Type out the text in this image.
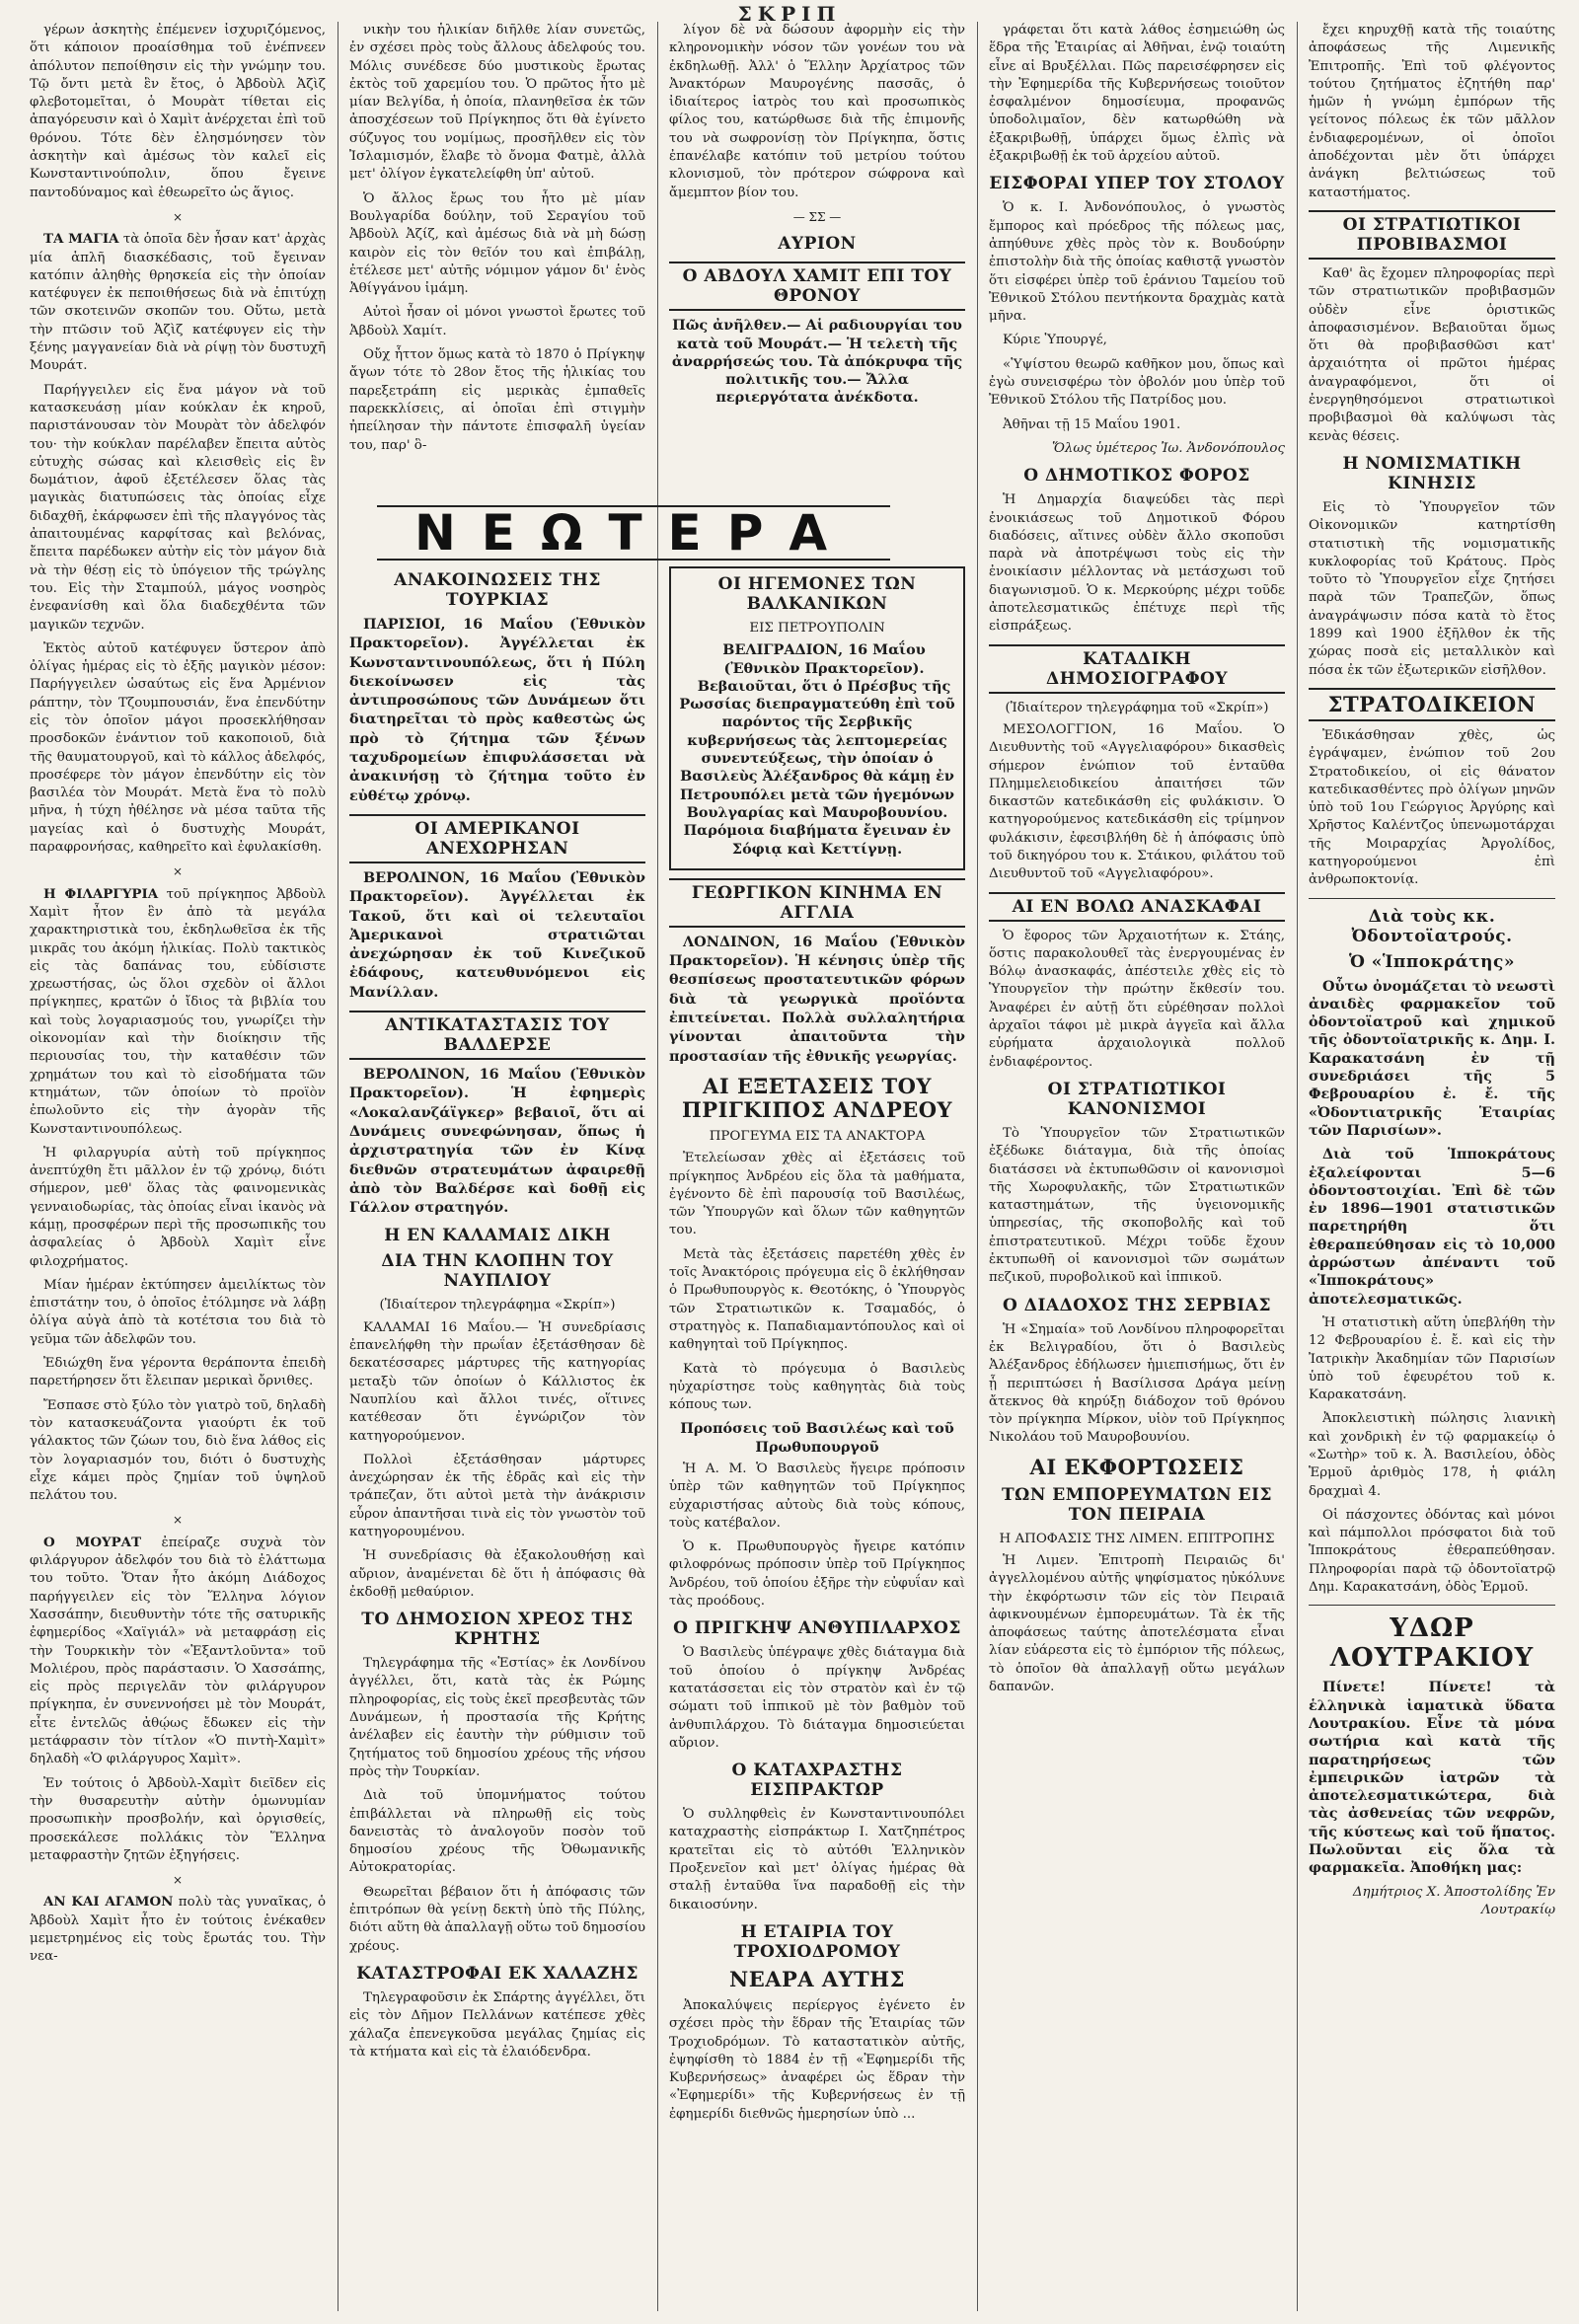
ΣΚΡΙΠ

γέρων ἀσκητὴς ἐπέμενεν ἰσχυριζόμενος, ὅτι κάποιον προαίσθημα τοῦ ἐνέπνεεν ἀπόλυτον πεποίθησιν εἰς τὴν γνώμην του. Τῷ ὄντι μετὰ ἓν ἔτος, ὁ Ἀβδοὺλ Ἀζὶζ φλεβοτομεῖται, ὁ Μουρὰτ τίθεται εἰς ἀπαγόρευσιν καὶ ὁ Χαμὶτ ἀνέρχεται ἐπὶ τοῦ θρόνου. Τότε δὲν ἐλησμόνησεν τὸν ἀσκητὴν καὶ ἀμέσως τὸν καλεῖ εἰς Κωνσταντινούπολιν, ὅπου ἔγεινε παντοδύναμος καὶ ἐθεωρεῖτο ὡς ἅγιος.

×

ΤΑ ΜΑΓΙΑ τὰ ὁποῖα δὲν ἦσαν κατ' ἀρχὰς μία ἁπλῆ διασκέδασις, τοῦ ἔγειναν κατόπιν ἀληθὴς θρησκεία εἰς τὴν ὁποίαν κατέφυγεν ἐκ πεποιθήσεως διὰ νὰ ἐπιτύχῃ τῶν σκοτεινῶν σκοπῶν του. Οὕτω, μετὰ τὴν πτῶσιν τοῦ Ἀζὶζ κατέφυγεν εἰς τὴν ξένης μαγγανείαν διὰ νὰ ρίψῃ τὸν δυστυχῆ Μουράτ.

Παρήγγειλεν εἰς ἕνα μάγον νὰ τοῦ κατασκευάσῃ μίαν κούκλαν ἐκ κηροῦ, παριστάνουσαν τὸν Μουρὰτ τὸν ἀδελφόν του· τὴν κούκλαν παρέλαβεν ἔπειτα αὐτὸς εὐτυχὴς σώσας καὶ κλεισθεὶς εἰς ἓν δωμάτιον, ἀφοῦ ἐξετέλεσεν ὅλας τὰς μαγικὰς διατυπώσεις τὰς ὁποίας εἶχε διδαχθῆ, ἐκάρφωσεν ἐπὶ τῆς πλαγγόνος τὰς ἀπαιτουμένας καρφίτσας καὶ βελόνας, ἔπειτα παρέδωκεν αὐτὴν εἰς τὸν μάγον διὰ νὰ τὴν θέσῃ εἰς τὸ ὑπόγειον τῆς τρώγλης του. Εἰς τὴν Σταμπούλ, μάγος νοσηρὸς ἐνεφανίσθη καὶ ὅλα διαδεχθέντα τῶν μαγικῶν τεχνῶν.

Ἐκτὸς αὐτοῦ κατέφυγεν ὕστερον ἀπὸ ὀλίγας ἡμέρας εἰς τὸ ἐξῆς μαγικὸν μέσον: Παρήγγειλεν ὡσαύτως εἰς ἕνα Ἀρμένιον ράπτην, τὸν Τζουμπουσιάν, ἕνα ἐπενδύτην εἰς τὸν ὁποῖον μάγοι προσεκλήθησαν προσδοκῶν ἐνάντιον τοῦ κακοποιοῦ, διὰ τῆς θαυματουργοῦ, καὶ τὸ κάλλος ἀδελφός, προσέφερε τὸν μάγον ἐπενδύτην εἰς τὸν βασιλέα τὸν Μουράτ. Μετὰ ἕνα τὸ πολὺ μῆνα, ἡ τύχη ἠθέλησε νὰ μέσα ταῦτα τῆς μαγείας καὶ ὁ δυστυχὴς Μουράτ, παραφρονήσας, καθηρεῖτο καὶ ἐφυλακίσθη.

×

Η ΦΙΛΑΡΓΥΡΙΑ τοῦ πρίγκηπος Ἀβδοὺλ Χαμὶτ ἦτον ἓν ἀπὸ τὰ μεγάλα χαρακτηριστικὰ του, ἐκδηλωθεῖσα ἐκ τῆς μικρᾶς του ἀκόμη ἡλικίας. Πολὺ τακτικὸς εἰς τὰς δαπάνας του, εὑδίσιστε χρεωστήσας, ὡς ὅλοι σχεδὸν οἱ ἄλλοι πρίγκηπες, κρατῶν ὁ ἴδιος τὰ βιβλία του καὶ τοὺς λογαριασμούς του, γνωρίζει τὴν οἰκονομίαν καὶ τὴν διοίκησιν τῆς περιουσίας του, τὴν καταθέσιν τῶν χρημάτων του καὶ τὸ εἰσοδήματα τῶν κτημάτων, τῶν ὁποίων τὸ προϊὸν ἐπωλοῦντο εἰς τὴν ἀγορὰν τῆς Κωνσταντινουπόλεως.

Ἡ φιλαργυρία αὐτὴ τοῦ πρίγκηπος ἀνεπτύχθη ἔτι μᾶλλον ἐν τῷ χρόνῳ, διότι σήμερον, μεθ' ὅλας τὰς φαινομενικὰς γενναιοδωρίας, τὰς ὁποίας εἶναι ἱκανὸς νὰ κάμῃ, προσφέρων περὶ τῆς προσωπικῆς του ἀσφαλείας ὁ Ἀβδοὺλ Χαμὶτ εἶνε φιλοχρήματος.

Μίαν ἡμέραν ἐκτύπησεν ἀμειλίκτως τὸν ἐπιστάτην του, ὁ ὁποῖος ἐτόλμησε νὰ λάβῃ ὀλίγα αὐγὰ ἀπὸ τὰ κοτέτσια του διὰ τὸ γεῦμα τῶν ἀδελφῶν του.

Ἐδιώχθη ἕνα γέροντα θεράποντα ἐπειδὴ παρετήρησεν ὅτι ἔλειπαν μερικαὶ ὄρνιθες.

Ἔσπασε στὸ ξύλο τὸν γιατρὸ τοῦ, δηλαδὴ τὸν κατασκευάζοντα γιαούρτι ἐκ τοῦ γάλακτος τῶν ζώων του, διὸ ἕνα λάθος εἰς τὸν λογαριασμόν του, διότι ὁ δυστυχὴς εἶχε κάμει πρὸς ζημίαν τοῦ ὑψηλοῦ πελάτου του.

×

Ο ΜΟΥΡΑΤ ἐπείραζε συχνὰ τὸν φιλάργυρον ἀδελφόν του διὰ τὸ ἐλάττωμα του τοῦτο. Ὅταν ἦτο ἀκόμη Διάδοχος παρήγγειλεν εἰς τὸν Ἕλληνα λόγιον Χασσάπην, διευθυντὴν τότε τῆς σατυρικῆς ἐφημερίδος «Χαϊγιάλ» νὰ μεταφράσῃ εἰς τὴν Τουρκικὴν τὸν «Ἐξαντλοῦντα» τοῦ Μολιέρου, πρὸς παράστασιν. Ὁ Χασσάπης, εἰς πρὸς περιγελᾶν τὸν φιλάργυρον πρίγκηπα, ἐν συνεννοήσει μὲ τὸν Μουράτ, εἶτε ἐντελῶς ἀθῴως ἔδωκεν εἰς τὴν μετάφρασιν τὸν τίτλον «Ὁ πιντὴ-Χαμὶτ» δηλαδὴ «Ὁ φιλάργυρος Χαμὶτ».

Ἐν τούτοις ὁ Ἀβδοὺλ-Χαμὶτ διεῖδεν εἰς τὴν θυσαρευτὴν αὐτὴν ὁμωνυμίαν προσωπικὴν προσβολήν, καὶ ὀργισθείς, προσεκάλεσε πολλάκις τὸν Ἕλληνα μεταφραστὴν ζητῶν ἐξηγήσεις.

×

ΑΝ ΚΑΙ ΑΓΑΜΟΝ πολὺ τὰς γυναῖκας, ὁ Ἀβδοὺλ Χαμὶτ ἦτο ἐν τούτοις ἐνέκαθεν μεμετρημένος εἰς τοὺς ἔρωτάς του. Τὴν νεα-

νικὴν του ἡλικίαν διῆλθε λίαν συνετῶς, ἐν σχέσει πρὸς τοὺς ἄλλους ἀδελφούς του. Μόλις συνέδεσε δύο μυστικοὺς ἔρωτας ἐκτὸς τοῦ χαρεμίου του. Ὁ πρῶτος ἦτο μὲ μίαν Βελγίδα, ἡ ὁποία, πλανηθεῖσα ἐκ τῶν ἀποσχέσεων τοῦ Πρίγκηπος ὅτι θὰ ἐγίνετο σύζυγος του νομίμως, προσῆλθεν εἰς τὸν Ἰσλαμισμόν, ἔλαβε τὸ ὄνομα Φατμὲ, ἀλλὰ μετ' ὀλίγον ἐγκατελείφθη ὑπ' αὐτοῦ.

Ὁ ἄλλος ἔρως του ἦτο μὲ μίαν Βουλγαρίδα δούλην, τοῦ Σεραγίου τοῦ Ἀβδοὺλ Ἀζίζ, καὶ ἀμέσως διὰ νὰ μὴ δώσῃ καιρὸν εἰς τὸν θεῖόν του καὶ ἐπιβάλῃ, ἐτέλεσε μετ' αὐτῆς νόμιμον γάμον δι' ἑνὸς Ἀθίγγάνου ἰμάμη.

Αὐτοὶ ἦσαν οἱ μόνοι γνωστοὶ ἔρωτες τοῦ Ἀβδοὺλ Χαμίτ.

Οὔχ ἧττον ὅμως κατὰ τὸ 1870 ὁ Πρίγκηψ ἄγων τότε τὸ 28ον ἔτος τῆς ἡλικίας του παρεξετράπη εἰς μερικὰς ἐμπαθεῖς παρεκκλίσεις, αἱ ὁποῖαι ἐπὶ στιγμὴν ἠπείλησαν τὴν πάντοτε ἐπισφαλῆ ὑγείαν του, παρ' ὃ-

ΑΝΑΚΟΙΝΩΣΕΙΣ ΤΗΣ ΤΟΥΡΚΙΑΣ

ΠΑΡΙΣΙΟΙ, 16 Μαΐου (Ἐθνικὸν Πρακτορεῖον). Ἀγγέλλεται ἐκ Κωνσταντινουπόλεως, ὅτι ἡ Πύλη διεκοίνωσεν εἰς τὰς ἀντιπροσώπους τῶν Δυνάμεων ὅτι διατηρεῖται τὸ πρὸς καθεστὼς ὡς πρὸ τὸ ζήτημα τῶν ξένων ταχυδρομείων ἐπιφυλάσσεται νὰ ἀνακινήσῃ τὸ ζήτημα τοῦτο ἐν εὐθέτῳ χρόνῳ.

ΟΙ ΑΜΕΡΙΚΑΝΟΙ ΑΝΕΧΩΡΗΣΑΝ

ΒΕΡΟΛΙΝΟΝ, 16 Μαΐου (Ἐθνικὸν Πρακτορεῖον). Ἀγγέλλεται ἐκ Τακοῦ, ὅτι καὶ οἱ τελευταῖοι Ἀμερικανοὶ στρατιῶται ἀνεχώρησαν ἐκ τοῦ Κινεζικοῦ ἐδάφους, κατευθυνόμενοι εἰς Μανίλλαν.

ΑΝΤΙΚΑΤΑΣΤΑΣΙΣ ΤΟΥ ΒΑΛΔΕΡΣΕ

ΒΕΡΟΛΙΝΟΝ, 16 Μαΐου (Ἐθνικὸν Πρακτορεῖον).	Ἡ ἐφημερὶς «Λοκαλανζάϊγκερ» βεβαιοῖ, ὅτι αἱ Δυνάμεις συνεφώνησαν, ὅπως ἡ ἀρχιστρατηγία τῶν ἐν Κίνᾳ διεθνῶν στρατευμάτων ἀφαιρεθῇ ἀπὸ τὸν Βαλδέρσε καὶ δοθῇ εἰς Γάλλον στρατηγόν.

Η ΕΝ ΚΑΛΑΜΑΙΣ ΔΙΚΗ
ΔΙΑ ΤΗΝ ΚΛΟΠΗΝ ΤΟΥ ΝΑΥΠΛΙΟΥ
(Ἰδιαίτερον τηλεγράφημα «Σκρίπ»)

ΚΑΛΑΜΑΙ 16 Μαΐου.— Ἡ συνεδρίασις ἐπανελήφθη τὴν πρωΐαν ἐξετάσθησαν δὲ δεκατέσσαρες μάρτυρες τῆς κατηγορίας μεταξὺ τῶν ὁποίων ὁ Κάλλιστος ἐκ Ναυπλίου καὶ ἄλλοι τινές, οἵτινες κατέθεσαν ὅτι ἐγνώριζον τὸν κατηγορούμενον.

Πολλοὶ ἐξετάσθησαν μάρτυρες ἀνεχώρησαν ἐκ τῆς ἑδρᾶς καὶ εἰς τὴν τράπεζαν, ὅτι αὐτοὶ μετὰ τὴν ἀνάκρισιν εὗρον ἀπαντῆσαι τινὰ εἰς τὸν γνωστὸν τοῦ κατηγορουμένου.

Ἡ συνεδρίασις θὰ ἐξακολουθήσῃ καὶ αὔριον, ἀναμένεται δὲ ὅτι ἡ ἀπόφασις θὰ ἐκδοθῇ μεθαύριον.

ΤΟ ΔΗΜΟΣΙΟΝ ΧΡΕΟΣ ΤΗΣ ΚΡΗΤΗΣ

Τηλεγράφημα τῆς «Ἑστίας» ἐκ Λονδίνου ἀγγέλλει, ὅτι, κατὰ τὰς ἐκ Ρώμης πληροφορίας, εἰς τοὺς ἐκεῖ πρεσβευτὰς τῶν Δυνάμεων, ἡ προστασία τῆς Κρήτης ἀνέλαβεν εἰς ἑαυτὴν τὴν ρύθμισιν τοῦ ζητήματος τοῦ δημοσίου χρέους τῆς νήσου πρὸς τὴν Τουρκίαν.

Διὰ τοῦ ὑπομνήματος τούτου ἐπιβάλλεται νὰ πληρωθῇ εἰς τοὺς δανειστὰς τὸ ἀναλογοῦν ποσὸν τοῦ δημοσίου χρέους τῆς Ὀθωμανικῆς Αὐτοκρατορίας.

Θεωρεῖται βέβαιον ὅτι ἡ ἀπόφασις τῶν ἐπιτρόπων θὰ γείνῃ δεκτὴ ὑπὸ τῆς Πύλης, διότι αὕτη θὰ ἀπαλλαγῇ οὕτω τοῦ δημοσίου χρέους.

ΚΑΤΑΣΤΡΟΦΑΙ ΕΚ ΧΑΛΑΖΗΣ

Τηλεγραφοῦσιν ἐκ Σπάρτης ἀγγέλλει, ὅτι εἰς τὸν Δῆμον Πελλάνων κατέπεσε χθὲς χάλαζα ἐπενεγκοῦσα μεγάλας ζημίας εἰς τὰ κτήματα καὶ εἰς τὰ ἐλαιόδενδρα.

λίγον δὲ νὰ δώσουν ἀφορμὴν εἰς τὴν κληρονομικὴν νόσον τῶν γονέων του νὰ ἐκδηλωθῇ. Ἀλλ' ὁ Ἕλλην Ἀρχίατρος τῶν Ἀνακτόρων Μαυρογένης πασσᾶς, ὁ ἰδιαίτερος ἰατρὸς του καὶ προσωπικὸς φίλος του, κατώρθωσε διὰ τῆς ἐπιμονῆς του νὰ σωφρονίσῃ τὸν Πρίγκηπα, ὅστις ἐπανέλαβε κατόπιν τοῦ μετρίου τούτου κλονισμοῦ, τὸν πρότερον σώφρονα καὶ ἄμεμπτον βίον του.

— ΣΣ —
ΑΥΡΙΟΝ
Ο ΑΒΔΟΥΛ ΧΑΜΙΤ ΕΠΙ ΤΟΥ ΘΡΟΝΟΥ

Πῶς ἀνῆλθεν.— Αἱ ραδιουργίαι του κατὰ τοῦ Μουράτ.— Ἡ τελετὴ τῆς ἀναρρήσεώς του. Τὰ ἀπόκρυφα τῆς πολιτικῆς του.— Ἄλλα περιεργότατα ἀνέκδοτα.

ΟΙ ΗΓΕΜΟΝΕΣ ΤΩΝ ΒΑΛΚΑΝΙΚΩΝ
ΕΙΣ ΠΕΤΡΟΥΠΟΛΙΝ

ΒΕΛΙΓΡΑΔΙΟΝ, 16 Μαΐου
(Ἐθνικὸν Πρακτορεῖον).
Βεβαιοῦται, ὅτι ὁ Πρέσβυς τῆς Ρωσσίας διεπραγματεύθη ἐπὶ τοῦ παρόντος τῆς Σερβικῆς κυβερνήσεως τὰς λεπτομερείας συνεντεύξεως, τὴν ὁποίαν ὁ Βασιλεὺς Ἀλέξανδρος θὰ κάμῃ ἐν Πετρουπόλει μετὰ τῶν ἡγεμόνων Βουλγαρίας καὶ Μαυροβουνίου. Παρόμοια διαβήματα ἔγειναν ἐν Σόφιᾳ καὶ Κεττίγνῃ.

ΓΕΩΡΓΙΚΟΝ ΚΙΝΗΜΑ ΕΝ ΑΓΓΛΙΑ

ΛΟΝΔΙΝΟΝ, 16 Μαΐου (Ἐθνικὸν Πρακτορεῖον). Ἡ κένησις ὑπὲρ τῆς θεσπίσεως προστατευτικῶν φόρων διὰ τὰ γεωργικὰ προϊόντα ἐπιτείνεται. Πολλὰ συλλαλητήρια γίνονται ἀπαιτοῦντα τὴν προστασίαν τῆς ἐθνικῆς γεωργίας.

ΑΙ ΕΞΕΤΑΣΕΙΣ ΤΟΥ ΠΡΙΓΚΙΠΟΣ ΑΝΔΡΕΟΥ
ΠΡΟΓΕΥΜΑ ΕΙΣ ΤΑ ΑΝΑΚΤΟΡΑ

Ἐτελείωσαν χθὲς αἱ ἐξετάσεις τοῦ πρίγκηπος Ἀνδρέου εἰς ὅλα τὰ μαθήματα, ἐγένοντο δὲ ἐπὶ παρουσίᾳ τοῦ Βασιλέως, τῶν Ὑπουργῶν καὶ ὅλων τῶν καθηγητῶν του.

Μετὰ τὰς ἐξετάσεις παρετέθη χθὲς ἐν τοῖς Ἀνακτόροις πρόγευμα εἰς ὃ ἐκλήθησαν ὁ Πρωθυπουργὸς κ. Θεοτόκης, ὁ Ὑπουργὸς τῶν Στρατιωτικῶν κ. Τσαμαδός, ὁ στρατηγὸς κ. Παπαδιαμαντόπουλος καὶ οἱ καθηγηταὶ τοῦ Πρίγκηπος.

Κατὰ τὸ πρόγευμα ὁ Βασιλεὺς ηὐχαρίστησε τοὺς καθηγητὰς διὰ τοὺς κόπους των.

Προπόσεις τοῦ Βασιλέως καὶ τοῦ Πρωθυπουργοῦ

Ἡ Α. Μ. Ὁ Βασιλεὺς ἤγειρε πρόποσιν ὑπὲρ τῶν καθηγητῶν τοῦ Πρίγκηπος εὐχαριστήσας αὐτοὺς διὰ τοὺς κόπους, τοὺς κατέβαλον.

Ὁ κ. Πρωθυπουργὸς ἤγειρε κατόπιν φιλοφρόνως πρόποσιν ὑπὲρ τοῦ Πρίγκηπος Ἀνδρέου, τοῦ ὁποίου ἐξῆρε τὴν εὐφυΐαν καὶ τὰς προόδους.

Ο ΠΡΙΓΚΗΨ ΑΝΘΥΠΙΛΑΡΧΟΣ

Ὁ Βασιλεὺς ὑπέγραψε χθὲς διάταγμα διὰ τοῦ ὁποίου ὁ πρίγκηψ Ἀνδρέας κατατάσσεται εἰς τὸν στρατὸν καὶ ἐν τῷ σώματι τοῦ ἱππικοῦ μὲ τὸν βαθμὸν τοῦ ἀνθυπιλάρχου. Τὸ διάταγμα δημοσιεύεται αὔριον.

Ο ΚΑΤΑΧΡΑΣΤΗΣ ΕΙΣΠΡΑΚΤΩΡ

Ὁ συλληφθεὶς ἐν Κωνσταντινουπόλει καταχραστὴς εἰσπράκτωρ Ι. Χατζηπέτρος κρατεῖται εἰς τὸ αὐτόθι Ἑλληνικὸν Προξενεῖον καὶ μετ' ὀλίγας ἡμέρας θὰ σταλῇ ἐνταῦθα ἵνα παραδοθῇ εἰς τὴν δικαιοσύνην.

Η ΕΤΑΙΡΙΑ ΤΟΥ ΤΡΟΧΙΟΔΡΟΜΟΥ
ΝΕΑΡΑ ΑΥΤΗΣ

Ἀποκαλύψεις περίεργος ἐγένετο ἐν σχέσει πρὸς τὴν ἕδραν τῆς Ἑταιρίας τῶν Τροχιοδρόμων. Τὸ καταστατικὸν αὐτῆς, ἐψηφίσθη τὸ 1884 ἐν τῇ «Ἐφημερίδι τῆς Κυβερνήσεως» ἀναφέρει ὡς ἕδραν τὴν «Ἐφημερίδι» τῆς Κυβερνήσεως ἐν τῇ ἐφημερίδι διεθνῶς ἡμερησίων ὑπὸ ...

γράφεται ὅτι κατὰ λάθος ἐσημειώθη ὡς ἕδρα τῆς Ἑταιρίας αἱ Ἀθῆναι, ἐνῷ τοιαύτη εἶνε αἱ Βρυξέλλαι. Πῶς παρεισέφρησεν εἰς τὴν Ἐφημερίδα τῆς Κυβερνήσεως τοιοῦτον ἐσφαλμένον δημοσίευμα, προφανῶς ὑποδολιμαῖον, δὲν κατωρθώθη νὰ ἐξακριβωθῇ, ὑπάρχει ὅμως ἐλπὶς νὰ ἐξακριβωθῇ ἐκ τοῦ ἀρχείου αὐτοῦ.

ΕΙΣΦΟΡΑΙ ΥΠΕΡ ΤΟΥ ΣΤΟΛΟΥ

Ὁ κ. Ι. Ἀνδονόπουλος, ὁ γνωστὸς ἔμπορος καὶ πρόεδρος τῆς πόλεως μας, ἀπηύθυνε χθὲς πρὸς τὸν κ. Βουδούρην ἐπιστολὴν διὰ τῆς ὁποίας καθιστᾷ γνωστὸν ὅτι εἰσφέρει ὑπὲρ τοῦ ἐράνιου Ταμείου τοῦ Ἐθνικοῦ Στόλου πεντήκοντα δραχμὰς κατὰ μῆνα.

Κύριε Ὑπουργέ,

«Ὑψίστου θεωρῶ καθῆκον μου, ὅπως καὶ ἐγὼ συνεισφέρω τὸν ὀβολόν μου ὑπὲρ τοῦ Ἐθνικοῦ Στόλου τῆς Πατρίδος μου.

Ἀθῆναι τῇ 15 Μαΐου 1901.

Ὅλως ὑμέτερος Ἰω. Ἀνδονόπουλος
Ο ΔΗΜΟΤΙΚΟΣ ΦΟΡΟΣ

Ἡ Δημαρχία διαψεύδει τὰς περὶ ἐνοικιάσεως τοῦ Δημοτικοῦ Φόρου διαδόσεις, αἵτινες οὐδὲν ἄλλο σκοποῦσι παρὰ νὰ ἀποτρέψωσι τοὺς εἰς τὴν ἐνοικίασιν μέλλοντας νὰ μετάσχωσι τοῦ διαγωνισμοῦ. Ὁ κ. Μερκούρης μέχρι τοῦδε ἀποτελεσματικῶς ἐπέτυχε περὶ τῆς εἰσπράξεως.

ΚΑΤΑΔΙΚΗ ΔΗΜΟΣΙΟΓΡΑΦΟΥ
(Ἰδιαίτερον τηλεγράφημα τοῦ «Σκρίπ»)

ΜΕΣΟΛΟΓΓΙΟΝ, 16 Μαΐου. Ὁ Διευθυντὴς τοῦ «Αγγελιαφόρου» δικασθεὶς σήμερον ἐνώπιον τοῦ ἐνταῦθα Πλημμελειοδικείου ἀπαιτήσει τῶν δικαστῶν κατεδικάσθη εἰς φυλάκισιν. Ὁ κατηγορούμενος κατεδικάσθη εἰς τρίμηνον φυλάκισιν, ἐφεσιβλήθη δὲ ἡ ἀπόφασις ὑπὸ τοῦ δικηγόρου του κ. Στάικου, φιλάτου τοῦ Διευθυντοῦ τοῦ «Αγγελιαφόρου».

ΑΙ ΕΝ ΒΟΛΩ ΑΝΑΣΚΑΦΑΙ

Ὁ ἔφορος τῶν Ἀρχαιοτήτων κ. Στάης, ὅστις παρακολουθεῖ τὰς ἐνεργουμένας ἐν Βόλῳ ἀνασκαφάς, ἀπέστειλε χθὲς εἰς τὸ Ὑπουργεῖον τὴν πρώτην ἔκθεσίν του. Ἀναφέρει ἐν αὐτῇ ὅτι εὑρέθησαν πολλοὶ ἀρχαῖοι τάφοι μὲ μικρὰ ἀγγεῖα καὶ ἄλλα εὑρήματα ἀρχαιολογικὰ πολλοῦ ἐνδιαφέροντος.

ΟΙ ΣΤΡΑΤΙΩΤΙΚΟΙ ΚΑΝΟΝΙΣΜΟΙ

Τὸ Ὑπουργεῖον τῶν Στρατιωτικῶν ἐξέδωκε διάταγμα, διὰ τῆς ὁποίας διατάσσει νὰ ἐκτυπωθῶσιν οἱ κανονισμοὶ τῆς Χωροφυλακῆς, τῶν Στρατιωτικῶν καταστημάτων, τῆς ὑγειονομικῆς ὑπηρεσίας, τῆς σκοποβολῆς καὶ τοῦ ἐπιστρατευτικοῦ. Μέχρι τοῦδε ἔχουν ἐκτυπωθῆ οἱ κανονισμοὶ τῶν σωμάτων πεζικοῦ, πυροβολικοῦ καὶ ἱππικοῦ.

Ο ΔΙΑΔΟΧΟΣ ΤΗΣ ΣΕΡΒΙΑΣ

Ἡ «Σημαία» τοῦ Λονδίνου πληροφορεῖται ἐκ Βελιγραδίου, ὅτι ὁ Βασιλεὺς Ἀλέξανδρος ἐδήλωσεν ἡμιεπισήμως, ὅτι ἐν ᾗ περιπτώσει ἡ Βασίλισσα Δράγα μείνῃ ἄτεκνος θὰ κηρύξῃ διάδοχον τοῦ θρόνου τὸν πρίγκηπα Μίρκον, υἱὸν τοῦ Πρίγκηπος Νικολάου τοῦ Μαυροβουνίου.

ΑΙ ΕΚΦΟΡΤΩΣΕΙΣ
ΤΩΝ ΕΜΠΟΡΕΥΜΑΤΩΝ ΕΙΣ ΤΟΝ ΠΕΙΡΑΙΑ
Η ΑΠΟΦΑΣΙΣ ΤΗΣ ΛΙΜΕΝ. ΕΠΙΤΡΟΠΗΣ

Ἡ Λιμεν. Ἐπιτροπὴ Πειραιῶς δι' ἀγγελλομένου αὐτῆς ψηφίσματος ηὐκόλυνε τὴν ἐκφόρτωσιν τῶν εἰς τὸν Πειραιᾶ ἀφικνουμένων ἐμπορευμάτων. Τὰ ἐκ τῆς ἀποφάσεως ταύτης ἀποτελέσματα εἶναι λίαν εὐάρεστα εἰς τὸ ἐμπόριον τῆς πόλεως, τὸ ὁποῖον θὰ ἀπαλλαγῇ οὕτω μεγάλων δαπανῶν.

ἔχει κηρυχθῇ κατὰ τῆς τοιαύτης ἀποφάσεως τῆς Λιμενικῆς Ἐπιτροπῆς. Ἐπὶ τοῦ φλέγοντος τούτου ζητήματος ἐζητήθη παρ' ἡμῶν ἡ γνώμη ἐμπόρων τῆς γείτονος πόλεως ἐκ τῶν μᾶλλον ἐνδιαφερομένων, οἱ ὁποῖοι ἀποδέχονται μὲν ὅτι ὑπάρχει ἀνάγκη βελτιώσεως τοῦ καταστήματος.

ΟΙ ΣΤΡΑΤΙΩΤΙΚΟΙ ΠΡΟΒΙΒΑΣΜΟΙ

Καθ' ἃς ἔχομεν πληροφορίας περὶ τῶν στρατιωτικῶν προβιβασμῶν οὐδὲν εἶνε ὁριστικῶς ἀποφασισμένον. Βεβαιοῦται ὅμως ὅτι θὰ προβιβασθῶσι κατ' ἀρχαιότητα οἱ πρῶτοι ἡμέρας ἀναγραφόμενοι, ὅτι οἱ ἐνεργηθησόμενοι στρατιωτικοὶ προβιβασμοὶ θὰ καλύψωσι τὰς κενὰς θέσεις.

Η ΝΟΜΙΣΜΑΤΙΚΗ ΚΙΝΗΣΙΣ

Εἰς τὸ Ὑπουργεῖον τῶν Οἰκονομικῶν κατηρτίσθη στατιστικὴ τῆς νομισματικῆς κυκλοφορίας τοῦ Κράτους. Πρὸς τοῦτο τὸ Ὑπουργεῖον εἶχε ζητήσει παρὰ τῶν Τραπεζῶν, ὅπως ἀναγράψωσιν πόσα κατὰ τὸ ἔτος 1899 καὶ 1900 ἐξῆλθον ἐκ τῆς χώρας ποσὰ εἰς μεταλλικὸν καὶ πόσα ἐκ τῶν ἐξωτερικῶν εἰσῆλθον.

ΣΤΡΑΤΟΔΙΚΕΙΟΝ

Ἐδικάσθησαν χθὲς, ὡς ἐγράψαμεν, ἐνώπιον τοῦ 2ου Στρατοδικείου, οἱ εἰς θάνατον κατεδικασθέντες πρὸ ὀλίγων μηνῶν ὑπὸ τοῦ 1ου Γεώργιος Ἀργύρης καὶ Χρῆστος Καλέντζος ὑπενωμοτάρχαι τῆς Μοιραρχίας Ἀργολίδος, κατηγορούμενοι ἐπὶ ἀνθρωποκτονίᾳ.

Διὰ τοὺς κκ. Ὀδοντοϊατρούς.
Ὁ «Ἱπποκράτης»

Οὗτω ὀνομάζεται τὸ νεωστὶ ἀναιδὲς φαρμακεῖον τοῦ ὀδοντοϊατροῦ καὶ χημικοῦ τῆς ὀδοντοϊατρικῆς κ. Δημ. Ι. Καρακατσάνη ἐν τῇ συνεδριάσει τῆς 5 Φεβρουαρίου ἐ. ἔ. τῆς «Ὀδοντιατρικῆς Ἑταιρίας τῶν Παρισίων».

Διὰ τοῦ Ἱπποκράτους ἐξαλείφονται 5—6 ὀδοντοστοιχίαι. Ἐπὶ δὲ τῶν ἐν 1896—1901 στατιστικῶν παρετηρήθη ὅτι ἐθεραπεύθησαν εἰς τὸ 10,000 ἀρρώστων ἀπέναντι τοῦ «Ἱπποκράτους» ἀποτελεσματικῶς.

Ἡ στατιστικὴ αὕτη ὑπεβλήθη τὴν 12 Φεβρουαρίου ἐ. ἔ. καὶ εἰς τὴν Ἰατρικὴν Ἀκαδημίαν τῶν Παρισίων ὑπὸ τοῦ ἐφευρέτου τοῦ κ. Καρακατσάνη.

Ἀποκλειστικὴ πώλησις λιανικὴ καὶ χονδρικὴ ἐν τῷ φαρμακείῳ ὁ «Σωτὴρ» τοῦ κ. Ἀ. Βασιλείου, ὁδὸς Ἑρμοῦ ἀριθμὸς 178, ἡ φιάλη δραχμαὶ 4.

Οἱ πάσχοντες ὀδόντας καὶ μόνοι καὶ πάμπολλοι πρόσφατοι διὰ τοῦ Ἱπποκράτους ἐθεραπεύθησαν. Πληροφορίαι παρὰ τῷ ὀδοντοϊατρῷ Δημ. Καρακατσάνη, ὁδὸς Ἑρμοῦ.

ΥΔΩΡ ΛΟΥΤΡΑΚΙΟΥ

Πίνετε! Πίνετε! τὰ ἑλληνικὰ ἰαματικὰ ὕδατα Λουτρακίου. Εἶνε τὰ μόνα σωτήρια καὶ κατὰ τῆς παρατηρήσεως τῶν ἐμπειρικῶν ἰατρῶν τὰ ἀποτελεσματικώτερα, διὰ τὰς ἀσθενείας τῶν νεφρῶν, τῆς κύστεως καὶ τοῦ ἥπατος. Πωλοῦνται εἰς ὅλα τὰ φαρμακεῖα. Ἀποθήκη μας:

Δημήτριος Χ. Ἀποστολίδης Ἐν Λουτρακίῳ
ΝΕΩΤΕΡΑ
